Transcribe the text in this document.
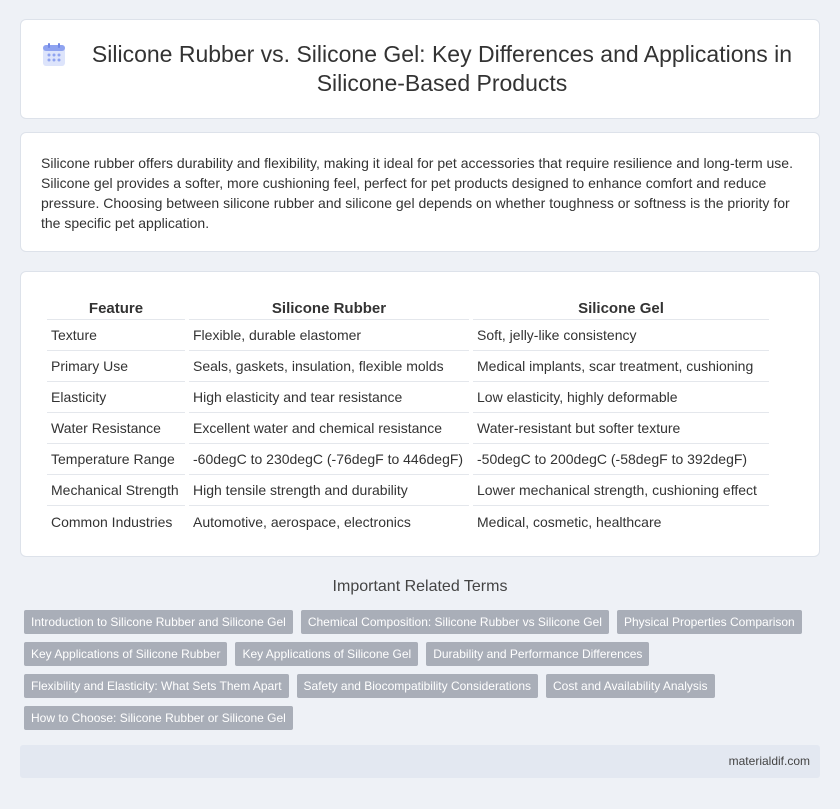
Silicone Rubber vs. Silicone Gel: Key Differences and Applications in Silicone-Based Products

Silicone rubber offers durability and flexibility, making it ideal for pet accessories that require resilience and long-term use. Silicone gel provides a softer, more cushioning feel, perfect for pet products designed to enhance comfort and reduce pressure. Choosing between silicone rubber and silicone gel depends on whether toughness or softness is the priority for the specific pet application.

Feature	Silicone Rubber	Silicone Gel
Texture	Flexible, durable elastomer	Soft, jelly-like consistency
Primary Use	Seals, gaskets, insulation, flexible molds	Medical implants, scar treatment, cushioning
Elasticity	High elasticity and tear resistance	Low elasticity, highly deformable
Water Resistance	Excellent water and chemical resistance	Water-resistant but softer texture
Temperature Range	-60degC to 230degC (-76degF to 446degF)	-50degC to 200degC (-58degF to 392degF)
Mechanical Strength	High tensile strength and durability	Lower mechanical strength, cushioning effect
Common Industries	Automotive, aerospace, electronics	Medical, cosmetic, healthcare
Important Related Terms
Introduction to Silicone Rubber and Silicone Gel	Chemical Composition: Silicone Rubber vs Silicone Gel	Physical Properties Comparison
Key Applications of Silicone Rubber	Key Applications of Silicone Gel	Durability and Performance Differences
Flexibility and Elasticity: What Sets Them Apart	Safety and Biocompatibility Considerations	Cost and Availability Analysis
How to Choose: Silicone Rubber or Silicone Gel
materialdif.com
